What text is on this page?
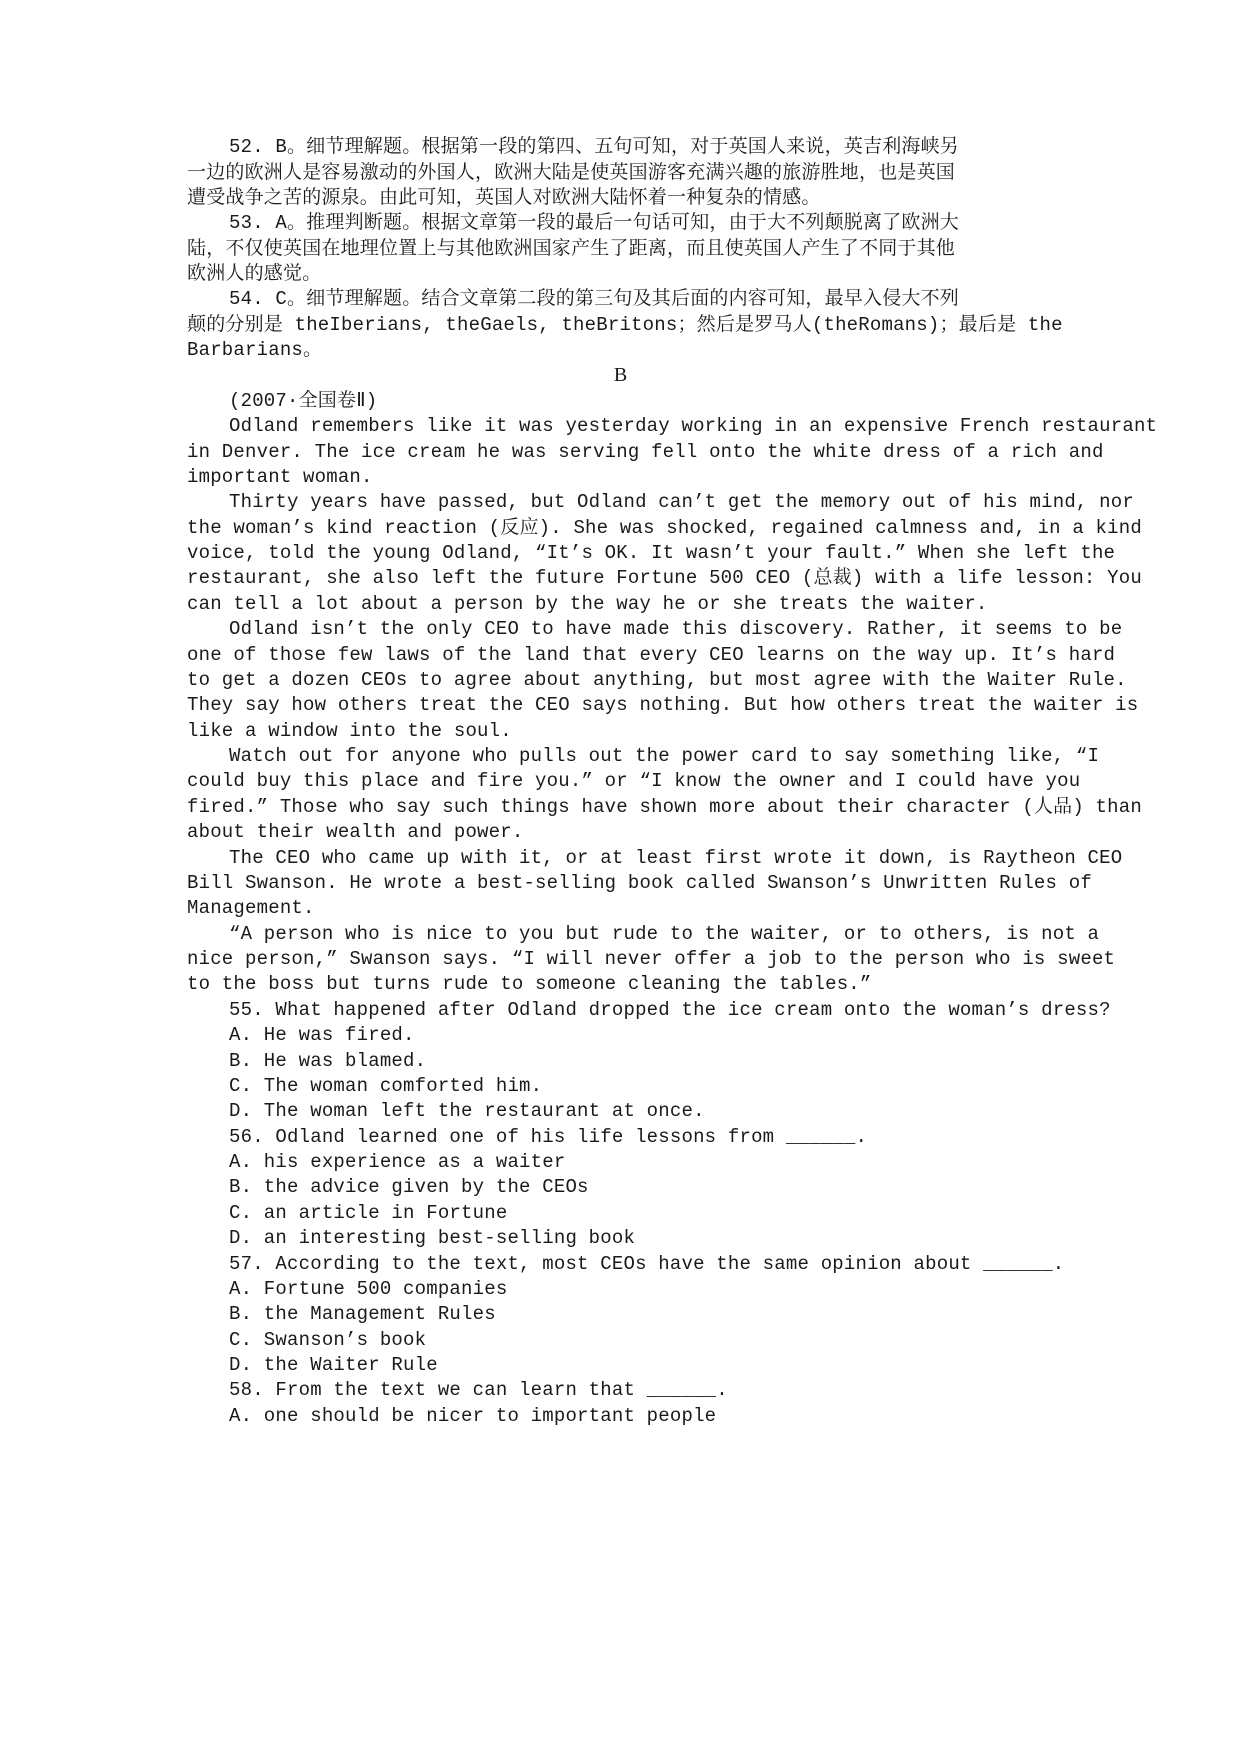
52. B。细节理解题。根据第一段的第四、五句可知，对于英国人来说，英吉利海峡另
一边的欧洲人是容易激动的外国人，欧洲大陆是使英国游客充满兴趣的旅游胜地，也是英国
遭受战争之苦的源泉。由此可知，英国人对欧洲大陆怀着一种复杂的情感。
53. A。推理判断题。根据文章第一段的最后一句话可知，由于大不列颠脱离了欧洲大
陆，不仅使英国在地理位置上与其他欧洲国家产生了距离，而且使英国人产生了不同于其他
欧洲人的感觉。
54. C。细节理解题。结合文章第二段的第三句及其后面的内容可知，最早入侵大不列
颠的分别是 theIberians, theGaels, theBritons；然后是罗马人(theRomans)；最后是 the
Barbarians。
B
(2007·全国卷Ⅱ)
Odland remembers like it was yesterday working in an expensive French restaurant
in Denver. The ice cream he was serving fell onto the white dress of a rich and
important woman.
Thirty years have passed, but Odland can’t get the memory out of his mind, nor
the woman’s kind reaction (反应). She was shocked, regained calmness and, in a kind
voice, told the young Odland, “It’s OK. It wasn’t your fault.” When she left the
restaurant, she also left the future Fortune 500 CEO (总裁) with a life lesson: You
can tell a lot about a person by the way he or she treats the waiter.
Odland isn’t the only CEO to have made this discovery. Rather, it seems to be
one of those few laws of the land that every CEO learns on the way up. It’s hard
to get a dozen CEOs to agree about anything, but most agree with the Waiter Rule.
They say how others treat the CEO says nothing. But how others treat the waiter is
like a window into the soul.
Watch out for anyone who pulls out the power card to say something like, “I
could buy this place and fire you.” or “I know the owner and I could have you
fired.” Those who say such things have shown more about their character (人品) than
about their wealth and power.
The CEO who came up with it, or at least first wrote it down, is Raytheon CEO
Bill Swanson. He wrote a best-selling book called Swanson’s Unwritten Rules of
Management.
“A person who is nice to you but rude to the waiter, or to others, is not a
nice person,” Swanson says. “I will never offer a job to the person who is sweet
to the boss but turns rude to someone cleaning the tables.”
55. What happened after Odland dropped the ice cream onto the woman’s dress?
A. He was fired.
B. He was blamed.
C. The woman comforted him.
D. The woman left the restaurant at once.
56. Odland learned one of his life lessons from ______.
A. his experience as a waiter
B. the advice given by the CEOs
C. an article in Fortune
D. an interesting best-selling book
57. According to the text, most CEOs have the same opinion about ______.
A. Fortune 500 companies
B. the Management Rules
C. Swanson’s book
D. the Waiter Rule
58. From the text we can learn that ______.
A. one should be nicer to important people
